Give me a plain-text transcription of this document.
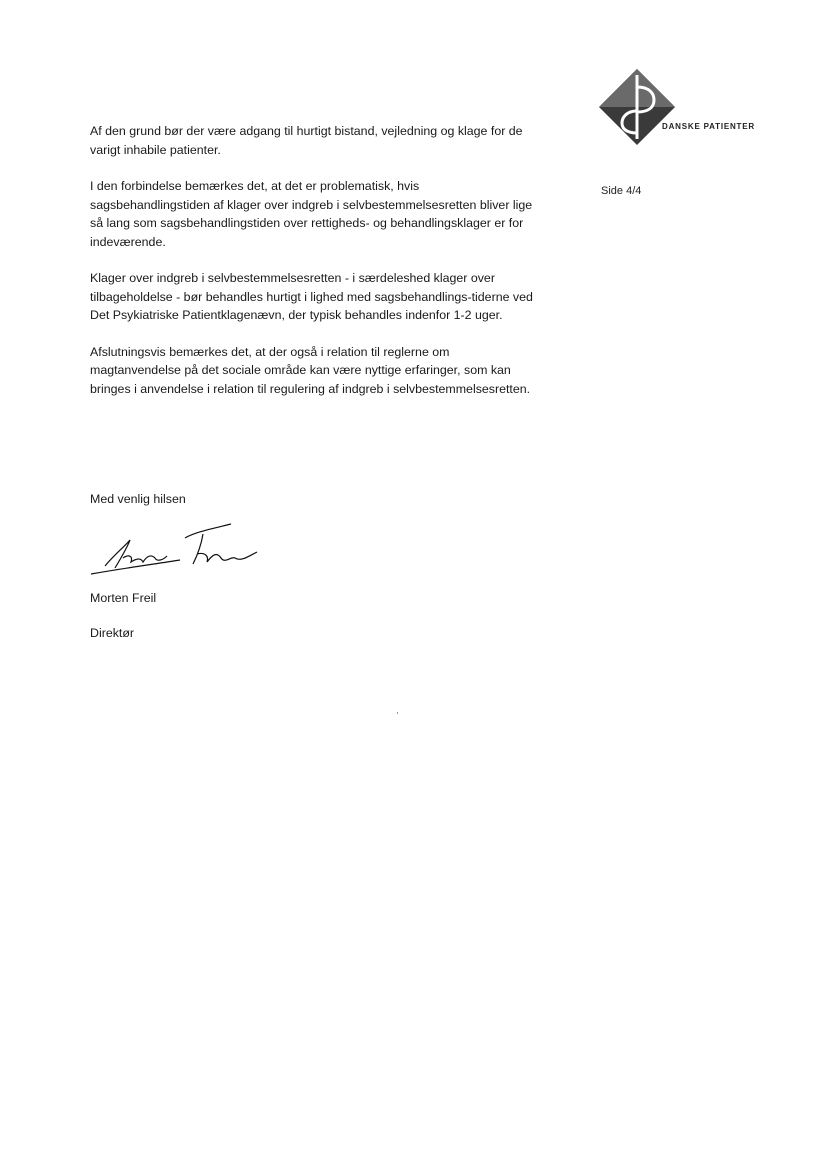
DANSKE PATIENTER
Side 4/4

Af den grund bør der være adgang til hurtigt bistand, vejledning og klage for de varigt inhabile patienter.

I den forbindelse bemærkes det, at det er problematisk, hvis sagsbehandlingstiden af klager over indgreb i selvbestemmelsesretten bliver lige så lang som sagsbehandlingstiden over rettigheds- og behandlingsklager er for indeværende.

Klager over indgreb i selvbestemmelsesretten - i særdeleshed klager over tilbageholdelse - bør behandles hurtigt i lighed med sagsbehandlings-tiderne ved Det Psykiatriske Patientklagenævn, der typisk behandles indenfor 1-2 uger.

Afslutningsvis bemærkes det, at der også i relation til reglerne om magtanvendelse på det sociale område kan være nyttige erfaringer, som kan bringes i anvendelse i relation til regulering af indgreb i selvbestemmelsesretten.

Med venlig hilsen
Morten Freil
Direktør
